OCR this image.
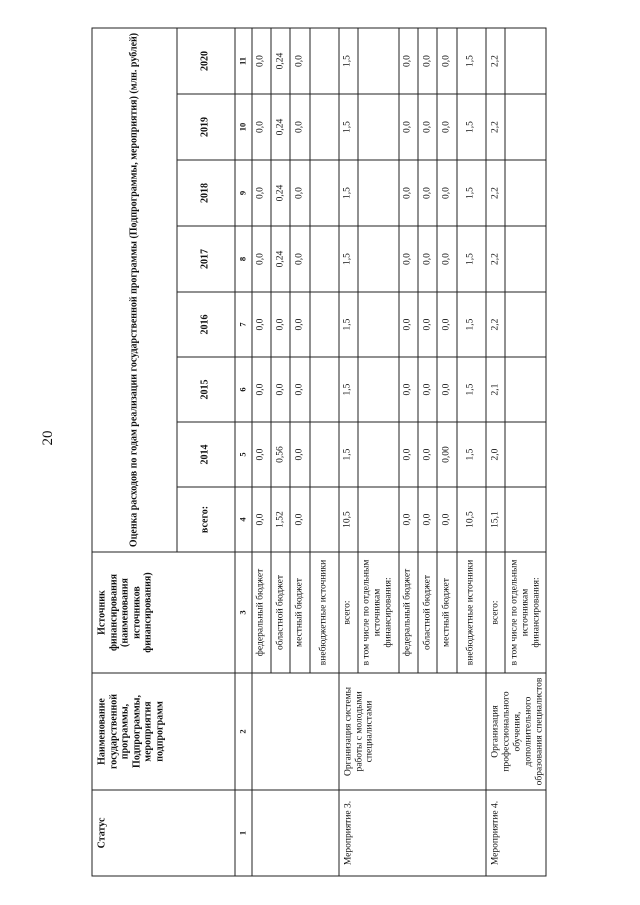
20
Статус	Наименование государственной программы, Подпрограммы, мероприятия подпрограмм	Источник финансирования (наименования источников финансирования)	Оценка расходов по годам реализации государственной программы (Подпрограммы, мероприятия) (млн. рублей)							
			всего:	2014	2015	2016	2017	2018	2019	2020
1	2	3	4	5	6	7	8	9	10	11
		федеральный бюджет	0,0	0,0	0,0	0,0	0,0	0,0	0,0	0,0
		областной бюджет	1,52	0,56	0,0	0,0	0,24	0,24	0,24	0,24
		местный бюджет	0,0	0,0	0,0	0,0	0,0	0,0	0,0	0,0
		внебюджетные источники								
Мероприятие 3.	Организация системы работы с молодыми специалистами	всего:	10,5	1,5	1,5	1,5	1,5	1,5	1,5	1,5
		в том числе по отдельным источникам финансирования:								
		федеральный бюджет	0,0	0,0	0,0	0,0	0,0	0,0	0,0	0,0
		областной бюджет	0,0	0,0	0,0	0,0	0,0	0,0	0,0	0,0
		местный бюджет	0,0	0,00	0,0	0,0	0,0	0,0	0,0	0,0
		внебюджетные источники	10,5	1,5	1,5	1,5	1,5	1,5	1,5	1,5
Мероприятие 4.	Организация профессионального обучения, дополнительного образования специалистов	всего:	15,1	2,0	2,1	2,2	2,2	2,2	2,2	2,2
		в том числе по отдельным источникам финансирования:								
